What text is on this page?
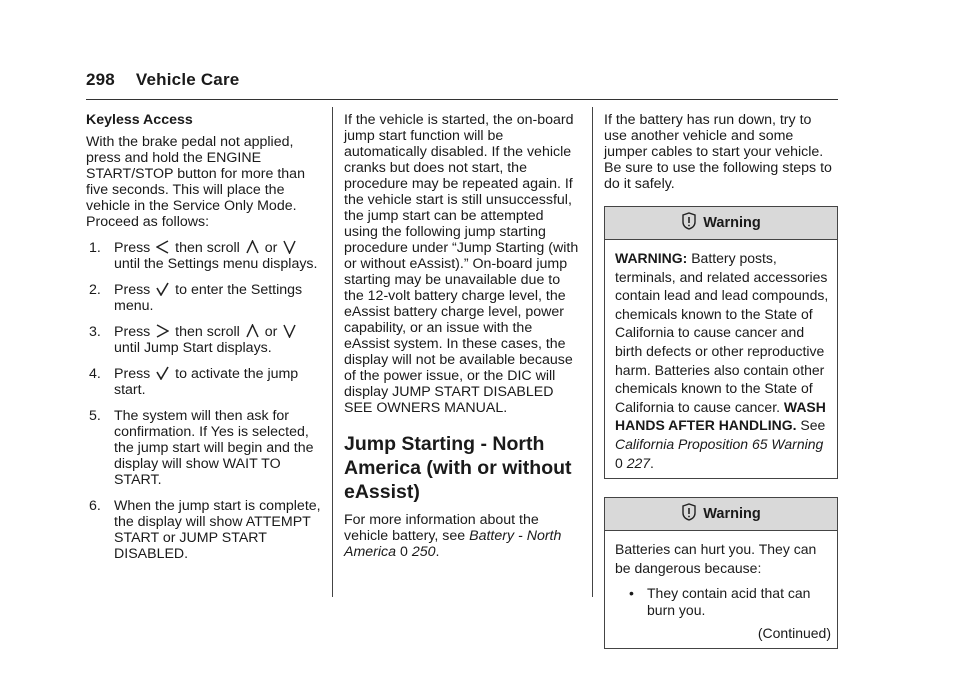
298 Vehicle Care

Keyless Access

With the brake pedal not applied, press and hold the ENGINE START/STOP button for more than five seconds. This will place the vehicle in the Service Only Mode. Proceed as follows:

1. Press then scroll or
until the Settings menu displays.
2. Press to enter the Settings menu.
3. Press then scroll or
until Jump Start displays.
4. Press to activate the jump start.
5. The system will then ask for confirmation. If Yes is selected, the jump start will begin and the display will show WAIT TO START.
6. When the jump start is complete, the display will show ATTEMPT START or JUMP START DISABLED.

If the vehicle is started, the on-board jump start function will be automatically disabled. If the vehicle cranks but does not start, the procedure may be repeated again. If the vehicle start is still unsuccessful, the jump start can be attempted using the following jump starting procedure under “Jump Starting (with or without eAssist).” On-board jump starting may be unavailable due to the 12-volt battery charge level, the eAssist battery charge level, power capability, or an issue with the eAssist system. In these cases, the display will not be available because of the power issue, or the DIC will display JUMP START DISABLED SEE OWNERS MANUAL.

Jump Starting - North America (with or without eAssist)

For more information about the vehicle battery, see Battery - North America 0 250.

If the battery has run down, try to use another vehicle and some jumper cables to start your vehicle. Be sure to use the following steps to do it safely.

Warning

WARNING: Battery posts, terminals, and related accessories contain lead and lead compounds, chemicals known to the State of California to cause cancer and birth defects or other reproductive harm. Batteries also contain other chemicals known to the State of California to cause cancer. WASH HANDS AFTER HANDLING. See California Proposition 65 Warning 0 227.

Warning

Batteries can hurt you. They can be dangerous because:

• They contain acid that can burn you.
(Continued)
